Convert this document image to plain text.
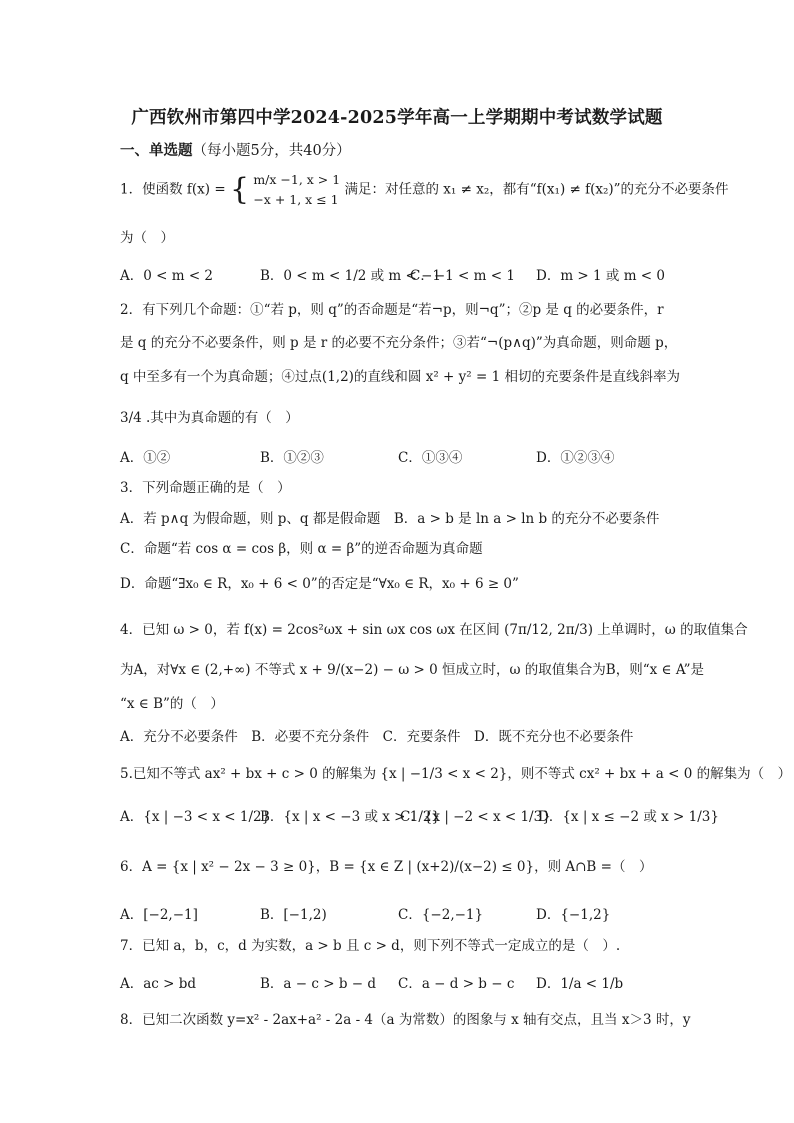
广西钦州市第四中学2024-2025学年高一上学期期中考试数学试题
一、单选题（每小题5分，共40分）
1．使函数 f(x) = { m/x −1, x > 1
−x + 1, x ≤ 1
满足：对任意的 x₁ ≠ x₂，都有“f(x₁) ≠ f(x₂)”的充分不必要条件
为（　）
A．0 < m < 2	B．0 < m < 1/2 或 m < −1
C．−1 < m < 1 D．m > 1 或 m < 0
2．有下列几个命题：①“若 p，则 q”的否命题是“若¬p，则¬q”；②p 是 q 的必要条件，r
是 q 的充分不必要条件，则 p 是 r 的必要不充分条件；③若“¬(p∧q)”为真命题，则命题 p，
q 中至多有一个为真命题；④过点(1,2)的直线和圆 x² + y² = 1 相切的充要条件是直线斜率为
3/4 .其中为真命题的有（　）
A．①②	B．①②③	C．①③④	D．①②③④
3．下列命题正确的是（　）
A．若 p∧q 为假命题，则 p、q 都是假命题　B．a > b 是 ln a > ln b 的充分不必要条件
C．命题“若 cos α = cos β，则 α = β”的逆否命题为真命题
D．命题“∃x₀ ∈ R，x₀ + 6 < 0”的否定是“∀x₀ ∈ R，x₀ + 6 ≥ 0”
4．已知 ω > 0，若 f(x) = 2cos²ωx + sin ωx cos ωx 在区间 (7π/12, 2π/3) 上单调时，ω 的取值集合
为A，对∀x ∈ (2,+∞) 不等式 x + 9/(x−2) − ω > 0 恒成立时，ω 的取值集合为B，则“x ∈ A”是
“x ∈ B”的（　）
A．充分不必要条件　B．必要不充分条件　C．充要条件　D．既不充分也不必要条件
5.已知不等式 ax² + bx + c > 0 的解集为 {x | −1/3 < x < 2}，则不等式 cx² + bx + a < 0 的解集为（　）
A．{x | −3 < x < 1/2}
B．{x | x < −3 或 x > 1/2}
C．{x | −2 < x < 1/3}
D．{x | x ≤ −2 或 x > 1/3}
6．A = {x | x² − 2x − 3 ≥ 0}，B = {x ∈ Z | (x+2)/(x−2) ≤ 0}，则 A∩B =（　）
A．[−2,−1]	B．[−1,2)	C．{−2,−1}	D．{−1,2}
7．已知 a，b，c，d 为实数，a > b 且 c > d，则下列不等式一定成立的是（　）.
A．ac > bd	B．a − c > b − d C．a − d > b − c D．1/a < 1/b
8．已知二次函数 y=x² - 2ax+a² - 2a - 4（a 为常数）的图象与 x 轴有交点，且当 x＞3 时，y
